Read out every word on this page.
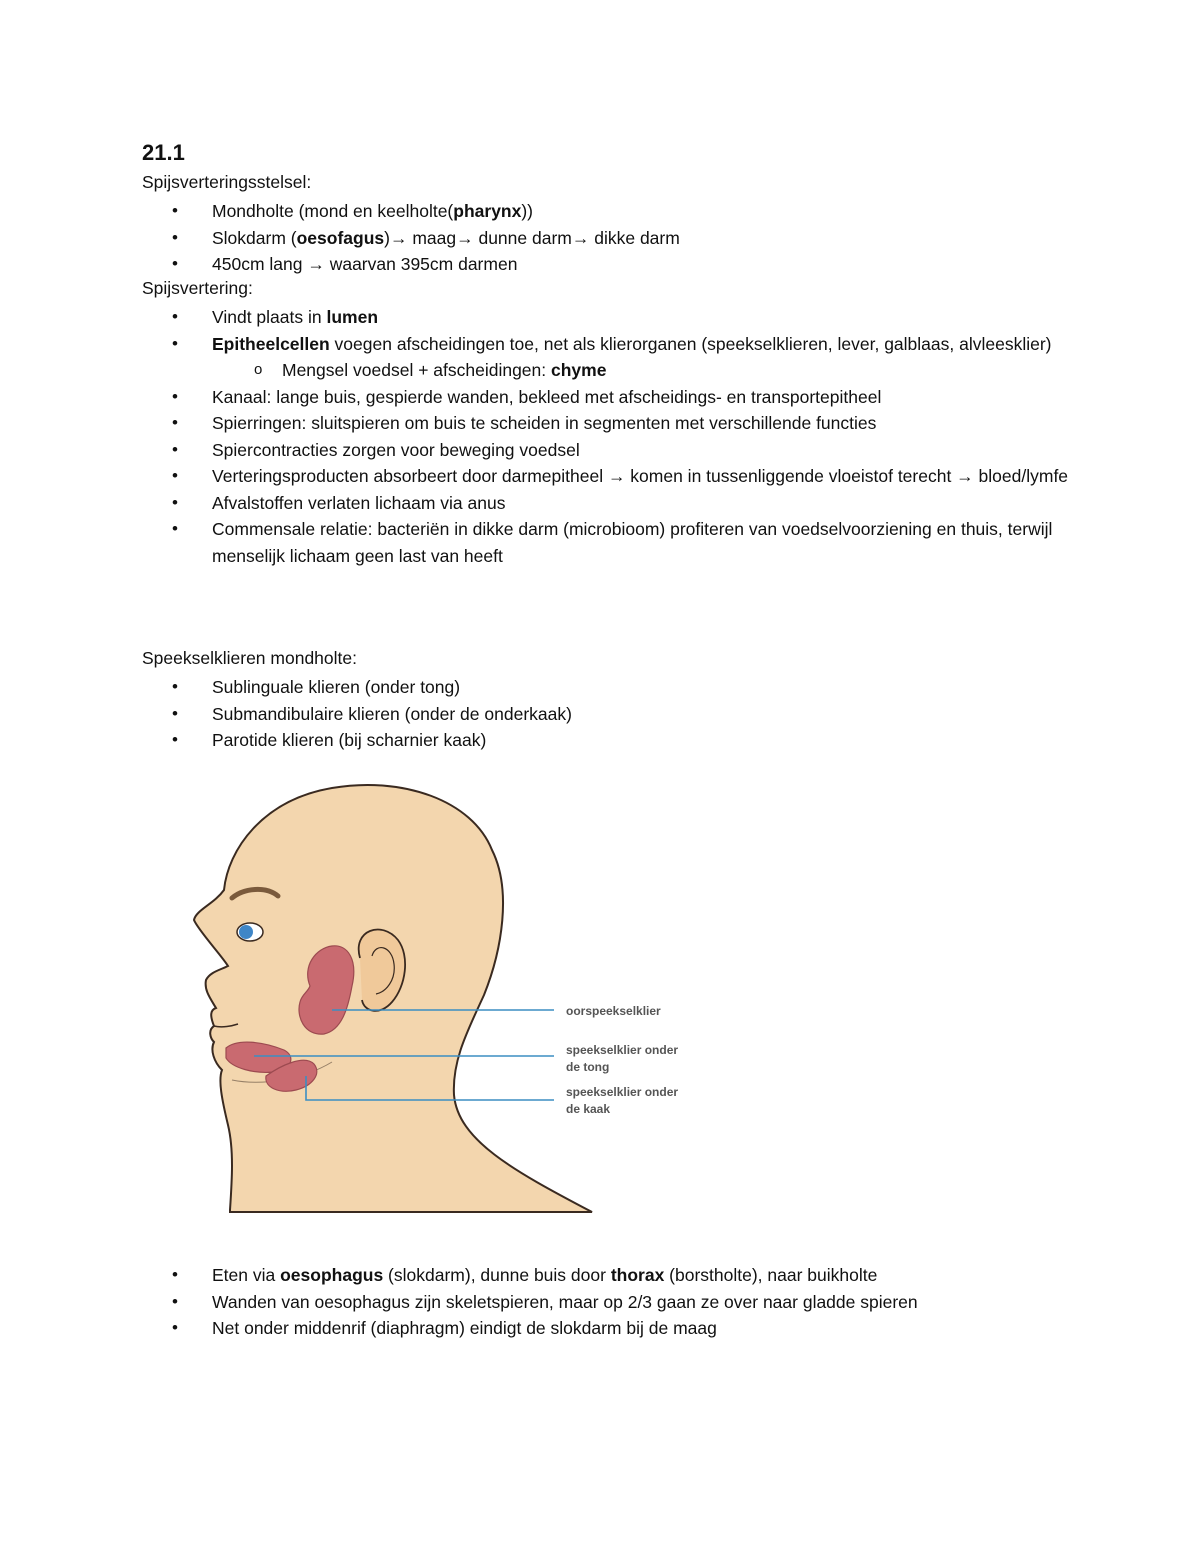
21.1

Spijsverteringsstelsel:

• Mondholte (mond en keelholte(pharynx))
• Slokdarm (oesofagus)→ maag→ dunne darm→ dikke darm
• 450cm lang → waarvan 395cm darmen

Spijsvertering:

• Vindt plaats in lumen
• Epitheelcellen voegen afscheidingen toe, net als klierorganen (speekselklieren, lever, galblaas, alvleesklier)
o Mengsel voedsel + afscheidingen: chyme
• Kanaal: lange buis, gespierde wanden, bekleed met afscheidings- en transportepitheel
• Spierringen: sluitspieren om buis te scheiden in segmenten met verschillende functies
• Spiercontracties zorgen voor beweging voedsel
• Verteringsproducten absorbeert door darmepitheel → komen in tussenliggende vloeistof terecht → bloed/lymfe
• Afvalstoffen verlaten lichaam via anus
• Commensale relatie: bacteriën in dikke darm (microbioom) profiteren van voedselvoorziening en thuis, terwijl menselijk lichaam geen last van heeft

Speekselklieren mondholte:

• Sublinguale klieren (onder tong)
• Submandibulaire klieren (onder de onderkaak)
• Parotide klieren (bij scharnier kaak)
oorspeekselklier
speekselklier onder
de tong
speekselklier onder
de kaak
• Eten via oesophagus (slokdarm), dunne buis door thorax (borstholte), naar buikholte
• Wanden van oesophagus zijn skeletspieren, maar op 2/3 gaan ze over naar gladde spieren
• Net onder middenrif (diaphragm) eindigt de slokdarm bij de maag
